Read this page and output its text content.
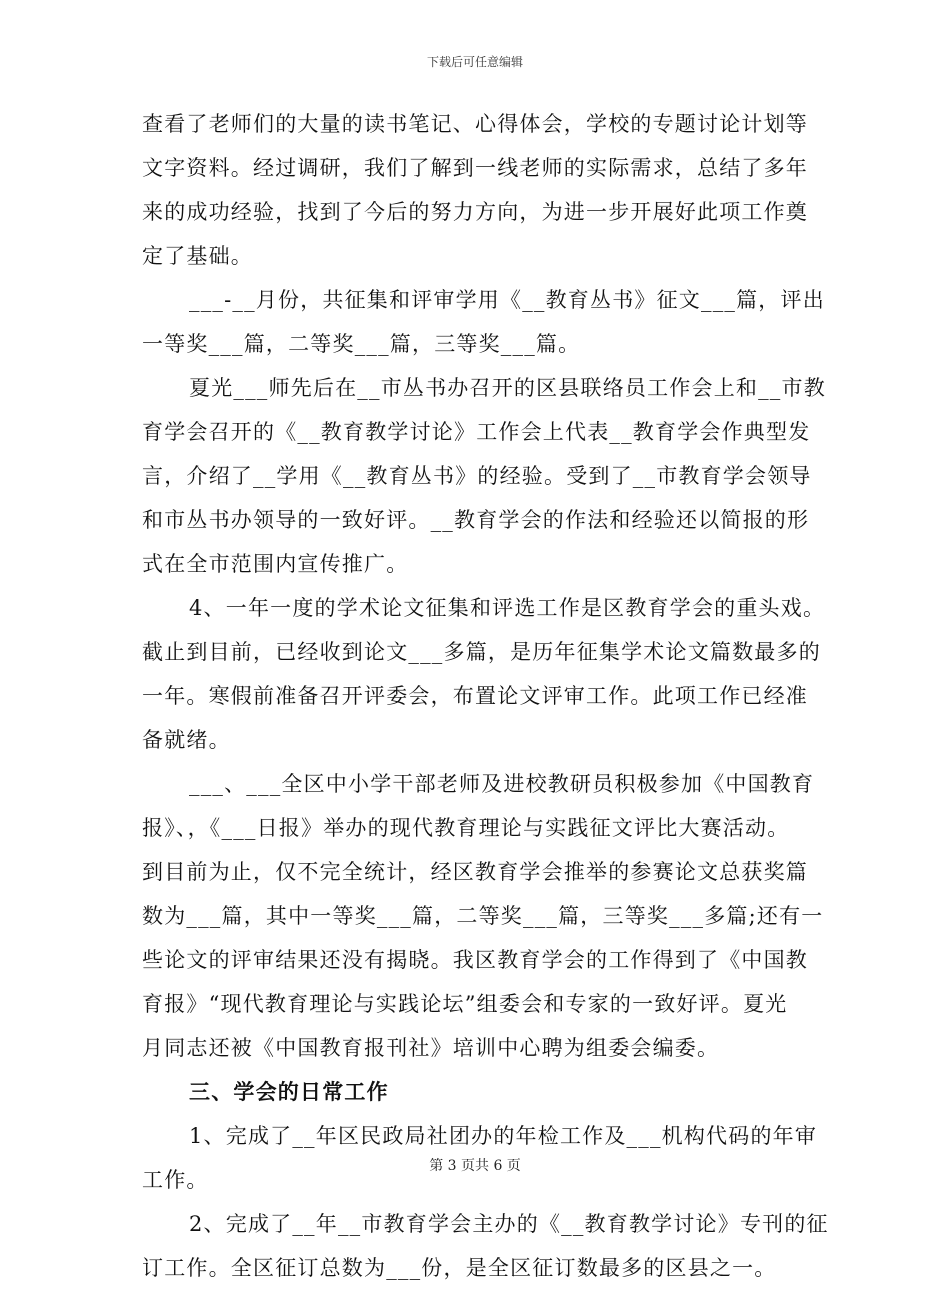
下载后可任意编辑
查看了老师们的大量的读书笔记、心得体会，学校的专题讨论计划等
文字资料。经过调研，我们了解到一线老师的实际需求，总结了多年
来的成功经验，找到了今后的努力方向，为进一步开展好此项工作奠
定了基础。
___-__月份，共征集和评审学用《__教育丛书》征文___篇，评出
一等奖___篇，二等奖___篇，三等奖___篇。
夏光___师先后在__市丛书办召开的区县联络员工作会上和__市教
育学会召开的《__教育教学讨论》工作会上代表__教育学会作典型发
言，介绍了__学用《__教育丛书》的经验。受到了__市教育学会领导
和市丛书办领导的一致好评。__教育学会的作法和经验还以简报的形
式在全市范围内宣传推广。
4、一年一度的学术论文征集和评选工作是区教育学会的重头戏。
截止到目前，已经收到论文___多篇，是历年征集学术论文篇数最多的
一年。寒假前准备召开评委会，布置论文评审工作。此项工作已经准
备就绪。
___、___全区中小学干部老师及进校教研员积极参加《中国教育
报》、，《___日报》举办的现代教育理论与实践征文评比大赛活动。
到目前为止，仅不完全统计，经区教育学会推举的参赛论文总获奖篇
数为___篇，其中一等奖___篇，二等奖___篇，三等奖___多篇;还有一
些论文的评审结果还没有揭晓。我区教育学会的工作得到了《中国教
育报》“现代教育理论与实践论坛”组委会和专家的一致好评。夏光
月同志还被《中国教育报刊社》培训中心聘为组委会编委。
三、学会的日常工作
1、完成了__年区民政局社团办的年检工作及___机构代码的年审
工作。
2、完成了__年__市教育学会主办的《__教育教学讨论》专刊的征
订工作。全区征订总数为___份，是全区征订数最多的区县之一。
第 3 页共 6 页
